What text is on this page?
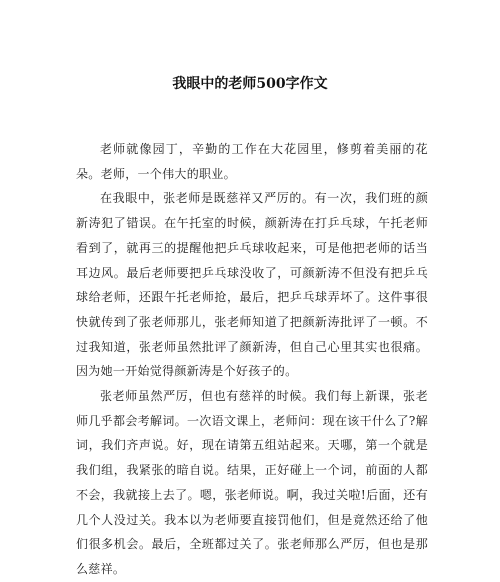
我眼中的老师500字作文

老师就像园丁，辛勤的工作在大花园里，修剪着美丽的花朵。老师，一个伟大的职业。

在我眼中，张老师是既慈祥又严厉的。有一次，我们班的颜新涛犯了错误。在午托室的时候，颜新涛在打乒乓球，午托老师看到了，就再三的提醒他把乒乓球收起来，可是他把老师的话当耳边风。最后老师要把乒乓球没收了，可颜新涛不但没有把乒乓球给老师，还跟午托老师抢，最后，把乒乓球弄坏了。这件事很快就传到了张老师那儿，张老师知道了把颜新涛批评了一顿。不过我知道，张老师虽然批评了颜新涛，但自己心里其实也很痛。因为她一开始觉得颜新涛是个好孩子的。

张老师虽然严厉，但也有慈祥的时候。我们每上新课，张老师几乎都会考解词。一次语文课上，老师问：现在该干什么了?解词，我们齐声说。好，现在请第五组站起来。天哪，第一个就是我们组，我紧张的暗自说。结果，正好碰上一个词，前面的人都不会，我就接上去了。嗯，张老师说。啊，我过关啦!后面，还有几个人没过关。我本以为老师要直接罚他们，但是竟然还给了他们很多机会。最后，全班都过关了。张老师那么严厉，但也是那么慈祥。
